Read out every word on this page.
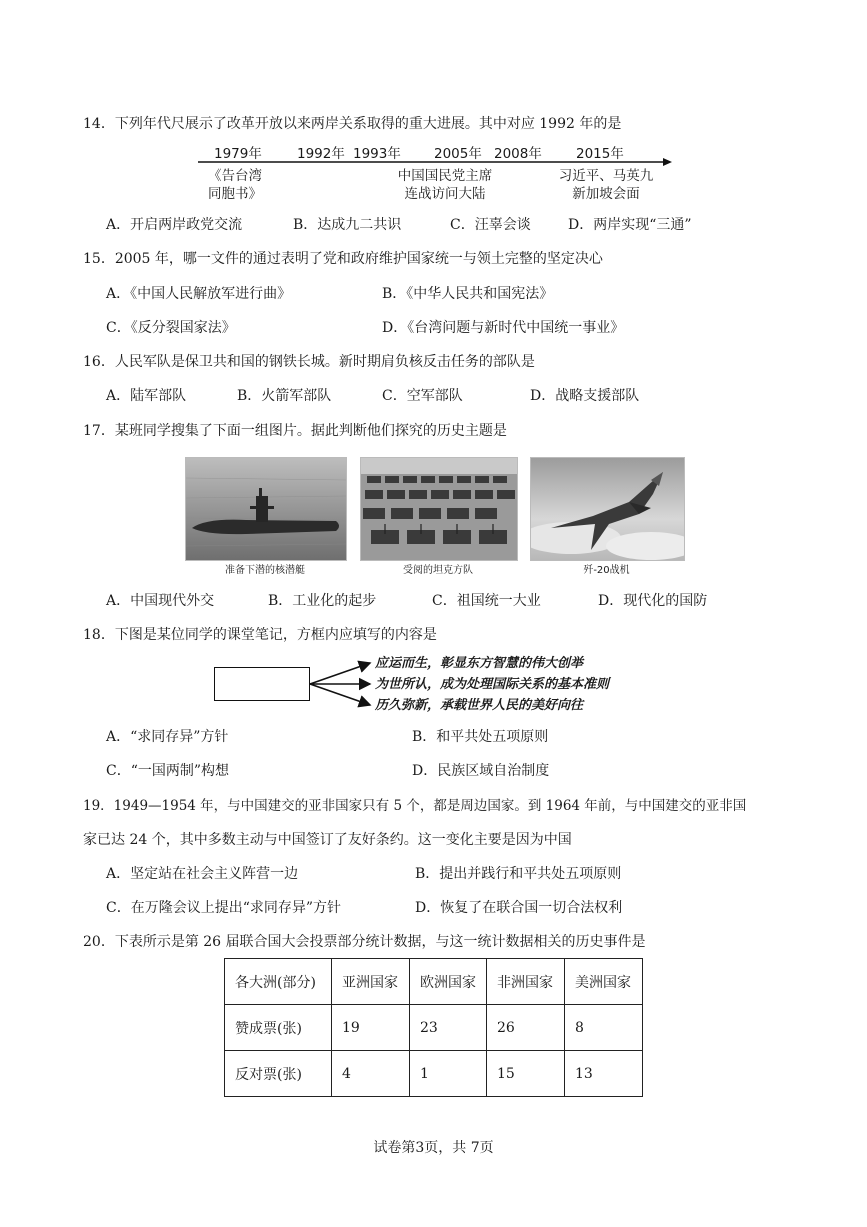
14．下列年代尺展示了改革开放以来两岸关系取得的重大进展。其中对应 1992 年的是
1979年	1992年 1993年 2005年 2008年	2015年
《告台湾
同胞书》
中国国民党主席
连战访问大陆
习近平、马英九
新加坡会面
A．开启两岸政党交流	B．达成九二共识	C．汪辜会谈	D．两岸实现“三通”
15．2005 年，哪一文件的通过表明了党和政府维护国家统一与领土完整的坚定决心
A．《中国人民解放军进行曲》	B．《中华人民共和国宪法》
C．《反分裂国家法》	D．《台湾问题与新时代中国统一事业》
16．人民军队是保卫共和国的钢铁长城。新时期肩负核反击任务的部队是
A．陆军部队	B．火箭军部队	C．空军部队	D．战略支援部队
17．某班同学搜集了下面一组图片。据此判断他们探究的历史主题是
准备下潜的核潜艇	受阅的坦克方队	歼-20战机
A．中国现代外交	B．工业化的起步	C．祖国统一大业	D．现代化的国防
18．下图是某位同学的课堂笔记，方框内应填写的内容是
应运而生，彰显东方智慧的伟大创举
为世所认，成为处理国际关系的基本准则
历久弥新，承载世界人民的美好向往
A．“求同存异”方针	B．和平共处五项原则
C．“一国两制”构想	D．民族区域自治制度
19．1949—1954 年，与中国建交的亚非国家只有 5 个，都是周边国家。到 1964 年前，与中国建交的亚非国
家已达 24 个，其中多数主动与中国签订了友好条约。这一变化主要是因为中国
A．坚定站在社会主义阵营一边	B．提出并践行和平共处五项原则
C．在万隆会议上提出“求同存异”方针	D．恢复了在联合国一切合法权利
20．下表所示是第 26 届联合国大会投票部分统计数据，与这一统计数据相关的历史事件是
各大洲(部分)	亚洲国家	欧洲国家	非洲国家	美洲国家
赞成票(张)	19	23	26	8
反对票(张)	4	1	15	13
试卷第3页，共 7页
